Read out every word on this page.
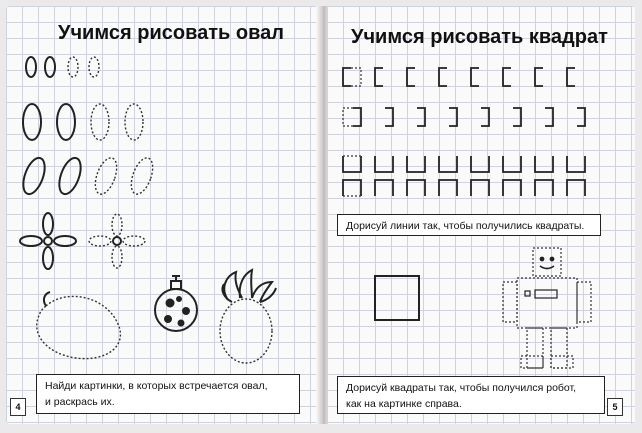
Учимся рисовать овал
Найди картинки, в которых встречается овал,
и раскрась их.
4
Учимся рисовать квадрат
Дорисуй линии так, чтобы получились квадраты.
Дорисуй квадраты так, чтобы получился робот,
как на картинке справа.	5
